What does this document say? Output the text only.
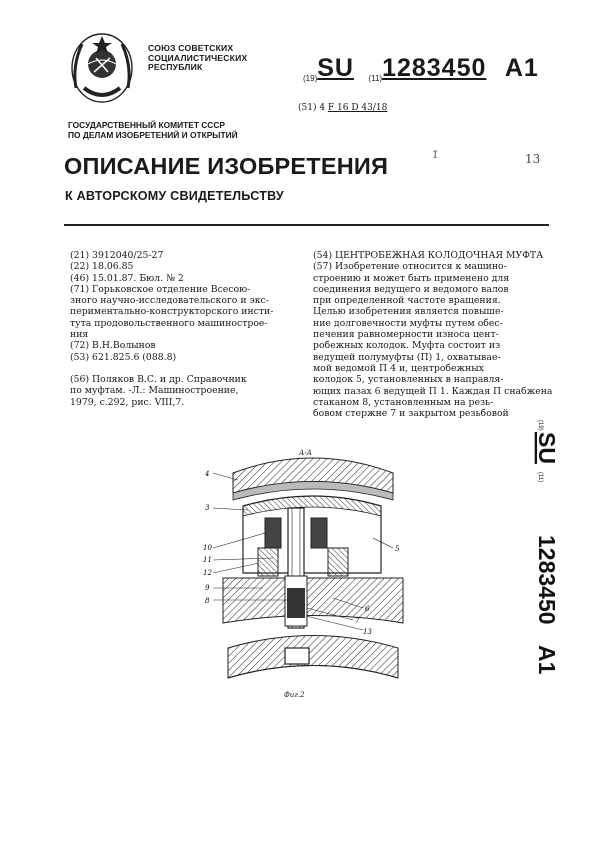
СОЮЗ СОВЕТСКИХ
СОЦИАЛИСТИЧЕСКИХ
РЕСПУБЛИК
(19)SU (11)1283450 A1
(51) 4 F 16 D 43/18
ГОСУДАРСТВЕННЫЙ КОМИТЕТ СССР
ПО ДЕЛАМ ИЗОБРЕТЕНИЙ И ОТКРЫТИЙ
1̈	13
ОПИСАНИЕ ИЗОБРЕТЕНИЯ
К АВТОРСКОМУ СВИДЕТЕЛЬСТВУ
(21) 3912040/25-27
(22) 18.06.85
(46) 15.01.87. Бюл. № 2
(71) Горьковское отделение Всесою-
зного научно-исследовательского и экс-
периментально-конструкторского инсти-
тута продовольственного машинострое-
ния
(72) В.Н.Волынов
(53) 621.825.6 (088.8)
(56) Поляков В.С. и др. Справочник
по муфтам. -Л.: Машиностроение,
1979, с.292, рис. VIII,7.
(54) ЦЕНТРОБЕЖНАЯ КОЛОДОЧНАЯ МУФТА
(57) Изобретение относится к машино-
строению и может быть применено для
соединения ведущего и ведомого валов
при определенной частоте вращения.
Целью изобретения является повыше-
ние долговечности муфты путем обес-
печения равномерности износа цент-
робежных колодок. Муфта состоит из
ведущей полумуфты (П) 1, охватывае-
мой ведомой П 4 и, центробежных
колодок 5, установленных в направля-
ющих пазах 6 ведущей П 1. Каждая П снабжена
стаканом 8, установленным на резь-
бовом стержне 7 и закрытом резьбовой
(19)
SU
(11)
1283450
A1
А-А
4
3
5
10
11
12
9
8
6
7
13
Фиг.2
